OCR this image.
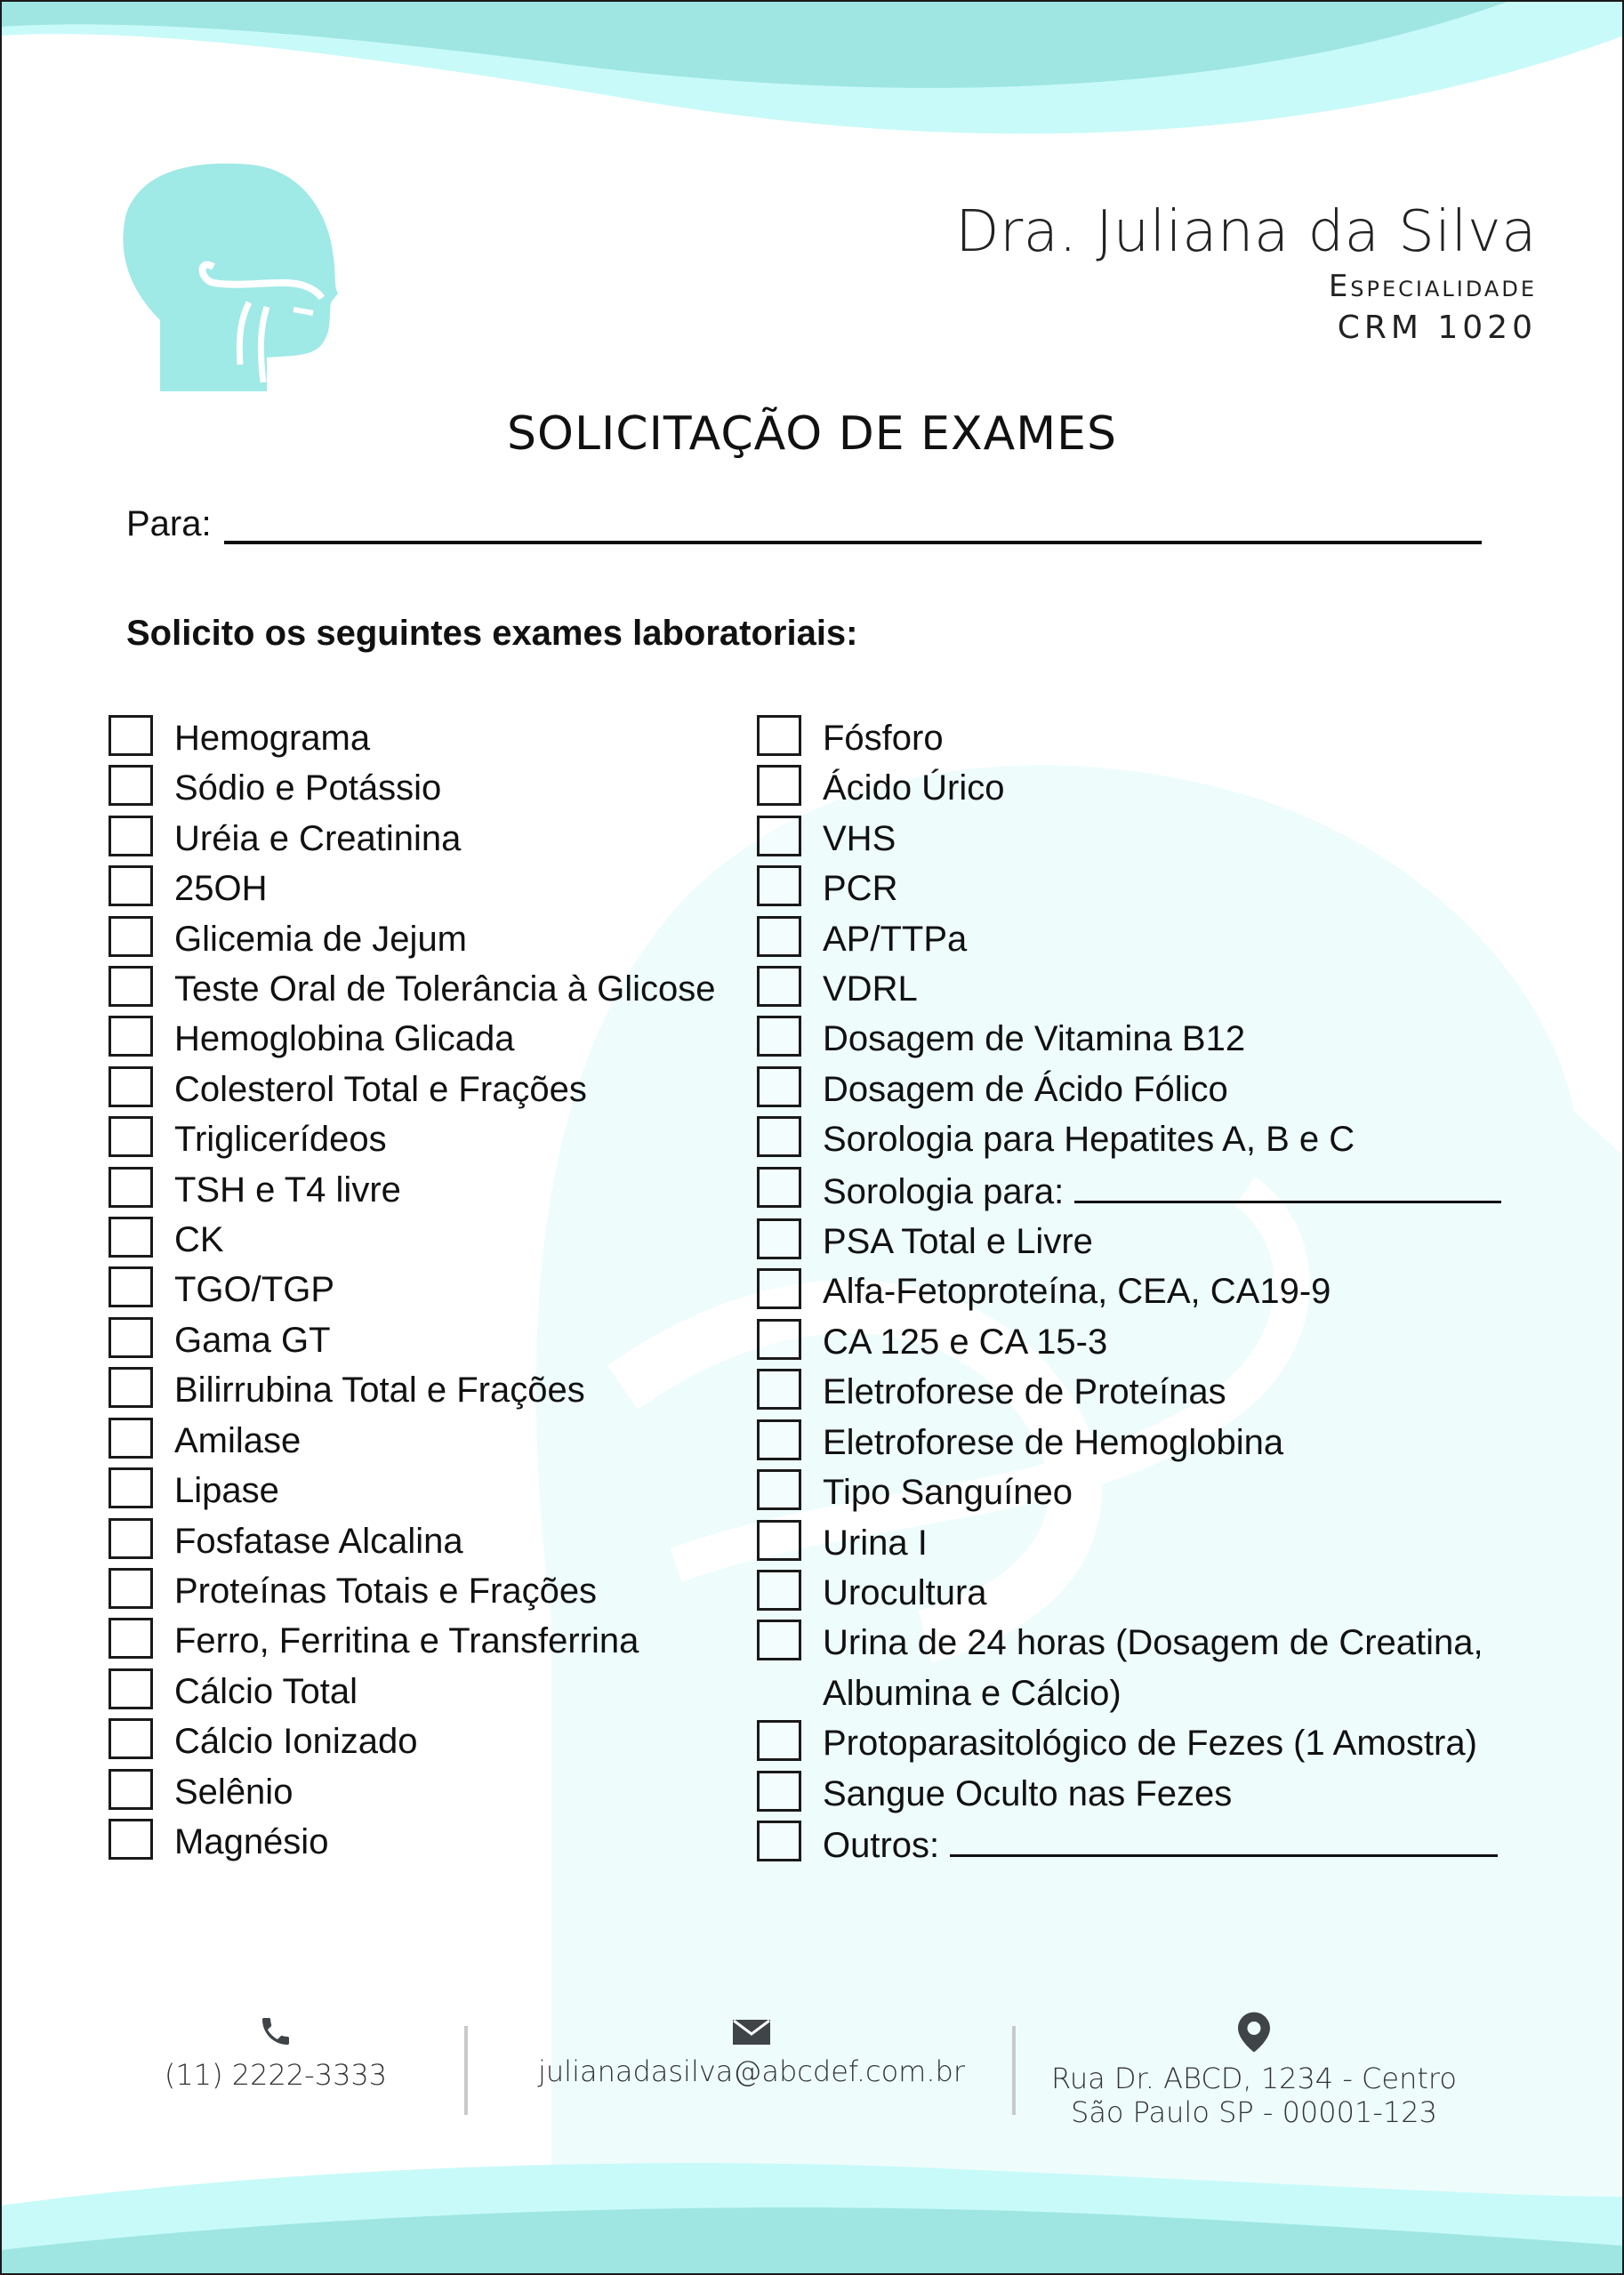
Dra. Juliana da Silva
Especialidade
CRM 1020
SOLICITAÇÃO DE EXAMES
Para:
Solicito os seguintes exames laboratoriais:
Hemograma
Sódio e Potássio
Uréia e Creatinina
25OH
Glicemia de Jejum
Teste Oral de Tolerância à Glicose
Hemoglobina Glicada
Colesterol Total e Frações
Triglicerídeos
TSH e T4 livre
CK
TGO/TGP
Gama GT
Bilirrubina Total e Frações
Amilase
Lipase
Fosfatase Alcalina
Proteínas Totais e Frações
Ferro, Ferritina e Transferrina
Cálcio Total
Cálcio Ionizado
Selênio
Magnésio
Fósforo
Ácido Úrico
VHS
PCR
AP/TTPa
VDRL
Dosagem de Vitamina B12
Dosagem de Ácido Fólico
Sorologia para Hepatites A, B e C
Sorologia para:
PSA Total e Livre
Alfa-Fetoproteína, CEA, CA19-9
CA 125 e CA 15-3
Eletroforese de Proteínas
Eletroforese de Hemoglobina
Tipo Sanguíneo
Urina I
Urocultura
Urina de 24 horas (Dosagem de Creatina, Albumina e Cálcio)
Protoparasitológico de Fezes (1 Amostra)
Sangue Oculto nas Fezes
Outros:
(11) 2222-3333	julianadasilva@abcdef.com.br	Rua Dr. ABCD, 1234 - Centro
São Paulo SP - 00001-123
